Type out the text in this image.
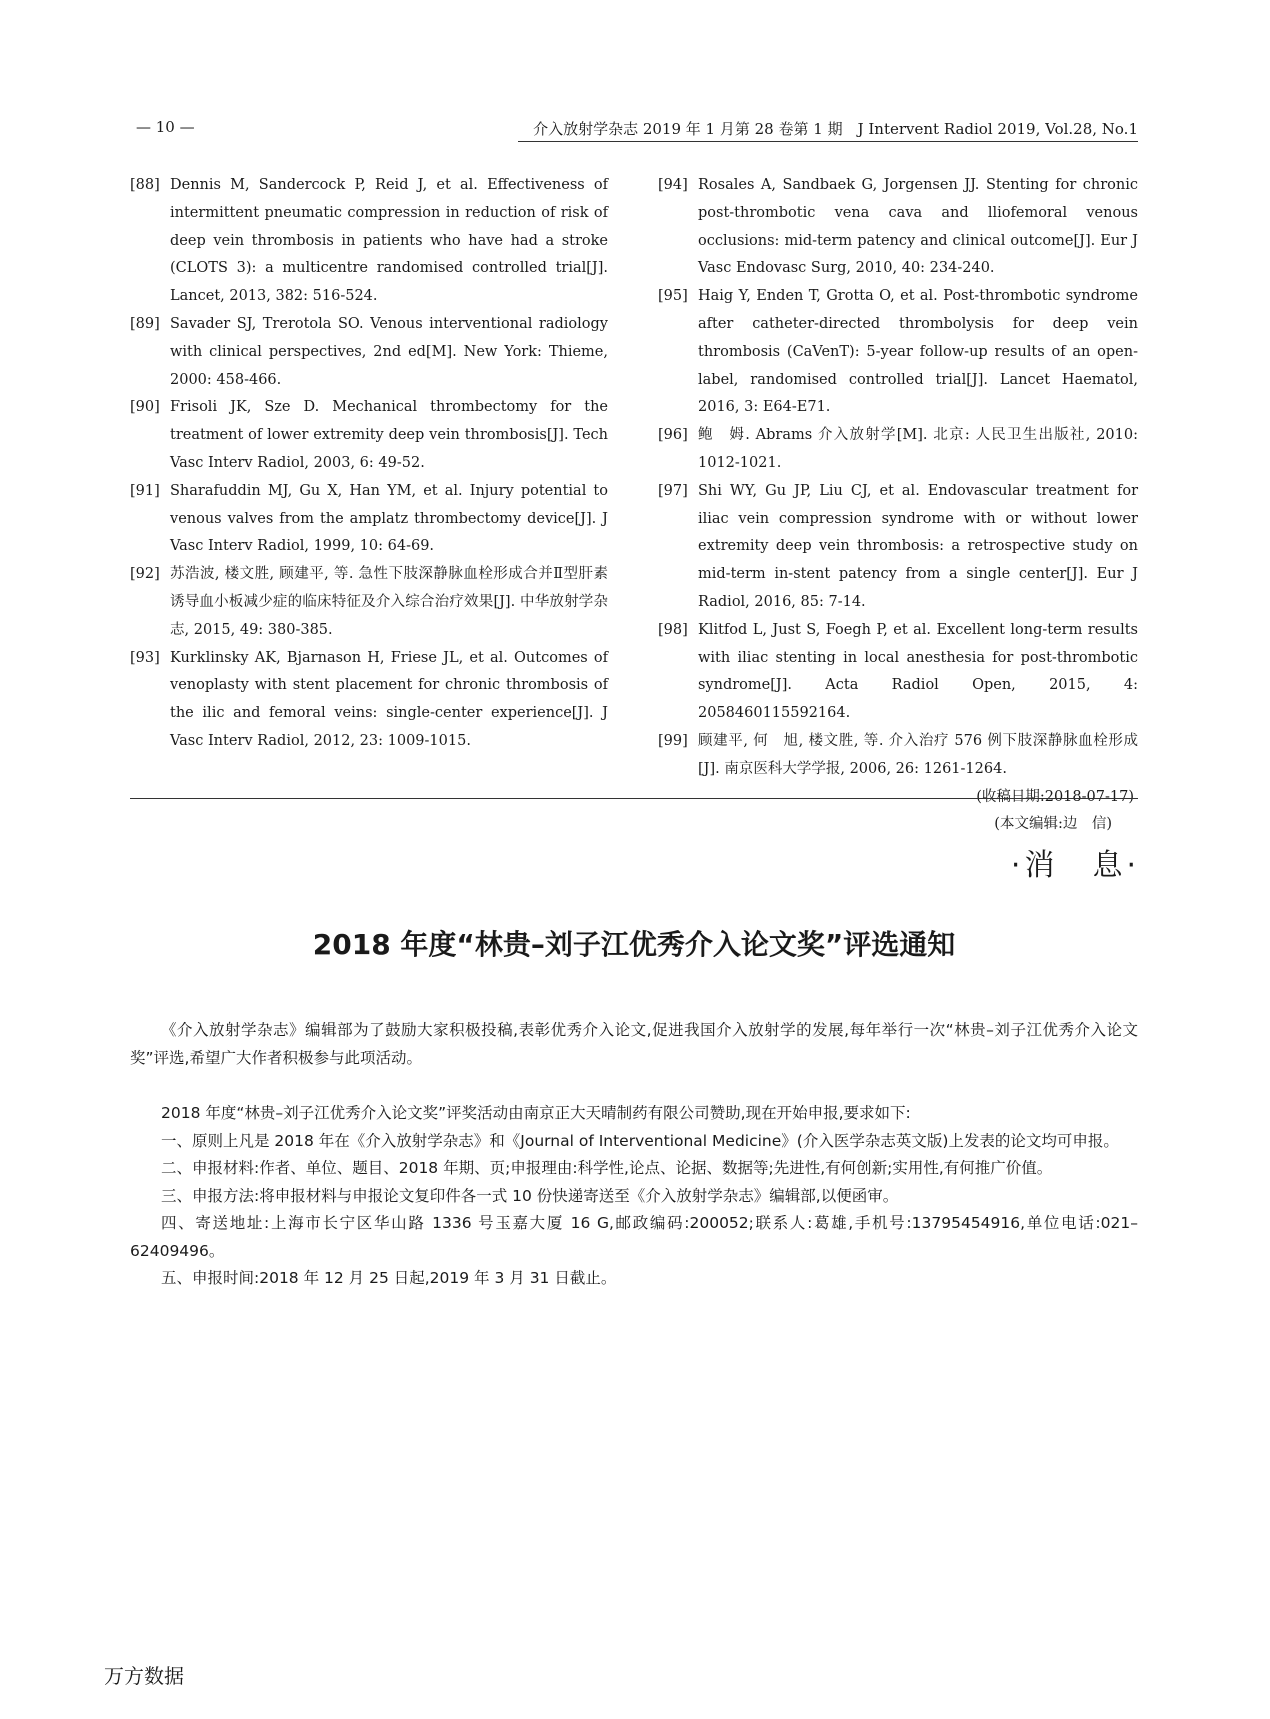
— 10 —	介入放射学杂志 2019 年 1 月第 28 卷第 1 期　J Intervent Radiol 2019, Vol.28, No.1
[88] Dennis M, Sandercock P, Reid J, et al. Effectiveness of intermittent pneumatic compression in reduction of risk of deep vein thrombosis in patients who have had a stroke (CLOTS 3): a multicentre randomised controlled trial[J]. Lancet, 2013, 382: 516-524.
[89] Savader SJ, Trerotola SO. Venous interventional radiology with clinical perspectives, 2nd ed[M]. New York: Thieme, 2000: 458-466.
[90] Frisoli JK, Sze D. Mechanical thrombectomy for the treatment of lower extremity deep vein thrombosis[J]. Tech Vasc Interv Radiol, 2003, 6: 49-52.
[91] Sharafuddin MJ, Gu X, Han YM, et al. Injury potential to venous valves from the amplatz thrombectomy device[J]. J Vasc Interv Radiol, 1999, 10: 64-69.
[92] 苏浩波, 楼文胜, 顾建平, 等. 急性下肢深静脉血栓形成合并Ⅱ型肝素诱导血小板减少症的临床特征及介入综合治疗效果[J]. 中华放射学杂志, 2015, 49: 380-385.
[93] Kurklinsky AK, Bjarnason H, Friese JL, et al. Outcomes of venoplasty with stent placement for chronic thrombosis of the ilic and femoral veins: single-center experience[J]. J Vasc Interv Radiol, 2012, 23: 1009-1015.
[94] Rosales A, Sandbaek G, Jorgensen JJ. Stenting for chronic post-thrombotic vena cava and lliofemoral venous occlusions: mid-term patency and clinical outcome[J]. Eur J Vasc Endovasc Surg, 2010, 40: 234-240.
[95] Haig Y, Enden T, Grotta O, et al. Post-thrombotic syndrome after catheter-directed thrombolysis for deep vein thrombosis (CaVenT): 5-year follow-up results of an open-label, randomised controlled trial[J]. Lancet Haematol, 2016, 3: E64-E71.
[96] 鲍　姆. Abrams 介入放射学[M]. 北京: 人民卫生出版社, 2010: 1012-1021.
[97] Shi WY, Gu JP, Liu CJ, et al. Endovascular treatment for iliac vein compression syndrome with or without lower extremity deep vein thrombosis: a retrospective study on mid-term in-stent patency from a single center[J]. Eur J Radiol, 2016, 85: 7-14.
[98] Klitfod L, Just S, Foegh P, et al. Excellent long-term results with iliac stenting in local anesthesia for post-thrombotic syndrome[J]. Acta Radiol Open, 2015, 4: 2058460115592164.
[99] 顾建平, 何　旭, 楼文胜, 等. 介入治疗 576 例下肢深静脉血栓形成[J]. 南京医科大学学报, 2006, 26: 1261-1264.
(收稿日期:2018-07-17)
(本文编辑:边　信)
·消　息·
2018 年度“林贵–刘子江优秀介入论文奖”评选通知

《介入放射学杂志》编辑部为了鼓励大家积极投稿,表彰优秀介入论文,促进我国介入放射学的发展,每年举行一次“林贵–刘子江优秀介入论文奖”评选,希望广大作者积极参与此项活动。

2018 年度“林贵–刘子江优秀介入论文奖”评奖活动由南京正大天晴制药有限公司赞助,现在开始申报,要求如下:

一、原则上凡是 2018 年在《介入放射学杂志》和《Journal of Interventional Medicine》(介入医学杂志英文版)上发表的论文均可申报。

二、申报材料:作者、单位、题目、2018 年期、页;申报理由:科学性,论点、论据、数据等;先进性,有何创新;实用性,有何推广价值。

三、申报方法:将申报材料与申报论文复印件各一式 10 份快递寄送至《介入放射学杂志》编辑部,以便函审。

四、寄送地址:上海市长宁区华山路 1336 号玉嘉大厦 16 G,邮政编码:200052;联系人:葛雄,手机号:13795454916,单位电话:021–62409496。

五、申报时间:2018 年 12 月 25 日起,2019 年 3 月 31 日截止。

万方数据
